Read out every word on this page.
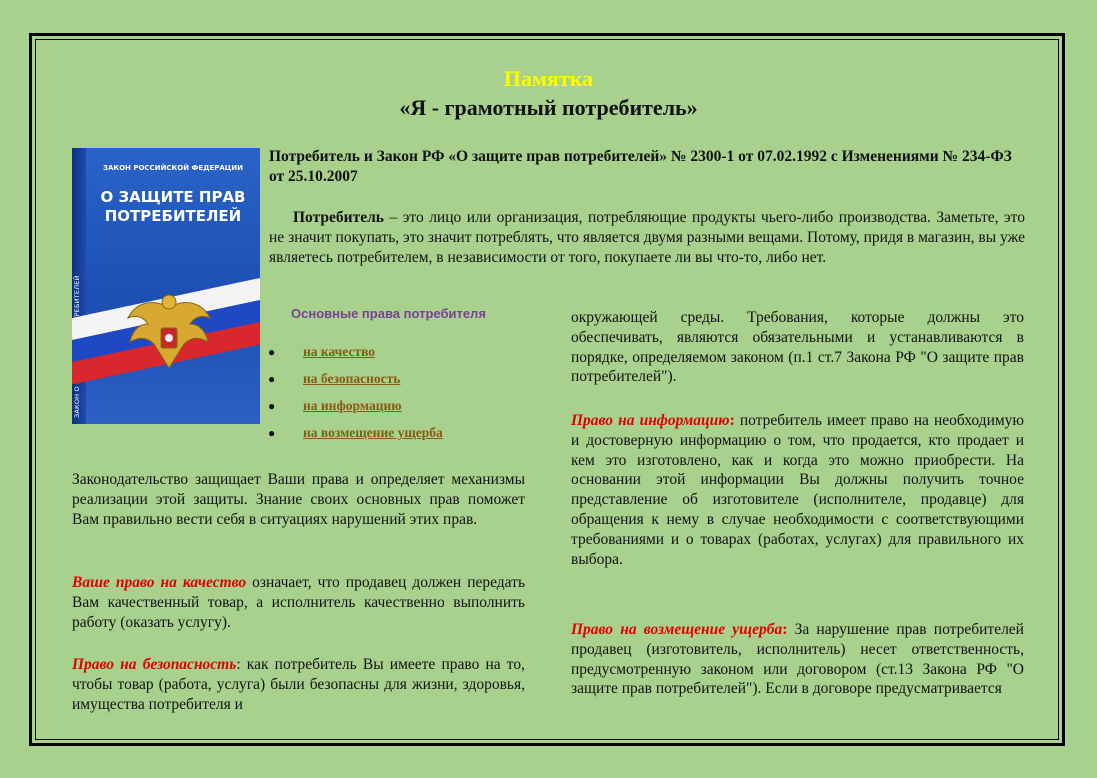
Памятка
«Я - грамотный потребитель»
ЗАКОН РОССИЙСКОЙ ФЕДЕРАЦИИ
О ЗАЩИТЕ ПРАВ
ПОТРЕБИТЕЛЕЙ
Потребитель и Закон РФ «О защите прав потребителей» № 2300-1 от 07.02.1992 с Изменениями № 234-ФЗ от 25.10.2007
Потребитель – это лицо или организация, потребляющие продукты чьего-либо производства. Заметьте, это не значит покупать, это значит потреблять, что является двумя разными вещами. Потому, придя в магазин, вы уже являетесь потребителем, в независимости от того, покупаете ли вы что-то, либо нет.
Основные права потребителя
● на качество
● на безопасность
● на информацию
● на возмещение ущерба
Законодательство защищает Ваши права и определяет механизмы реализации этой защиты. Знание своих основных прав поможет Вам правильно вести себя в ситуациях нарушений этих прав.
Ваше право на качество означает, что продавец должен передать Вам качественный товар, а исполнитель качественно выполнить работу (оказать услугу).
Право на безопасность: как потребитель Вы имеете право на то, чтобы товар (работа, услуга) были безопасны для жизни, здоровья, имущества потребителя и
окружающей среды. Требования, которые должны это обеспечивать, являются обязательными и устанавливаются в порядке, определяемом законом (п.1 ст.7 Закона РФ "О защите прав потребителей").
Право на информацию: потребитель имеет право на необходимую и достоверную информацию о том, что продается, кто продает и кем это изготовлено, как и когда это можно приобрести. На основании этой информации Вы должны получить точное представление об изготовителе (исполнителе, продавце) для обращения к нему в случае необходимости с соответствующими требованиями и о товарах (работах, услугах) для правильного их выбора.
Право на возмещение ущерба: За нарушение прав потребителей продавец (изготовитель, исполнитель) несет ответственность, предусмотренную законом или договором (ст.13 Закона РФ "О защите прав потребителей"). Если в договоре предусматривается
